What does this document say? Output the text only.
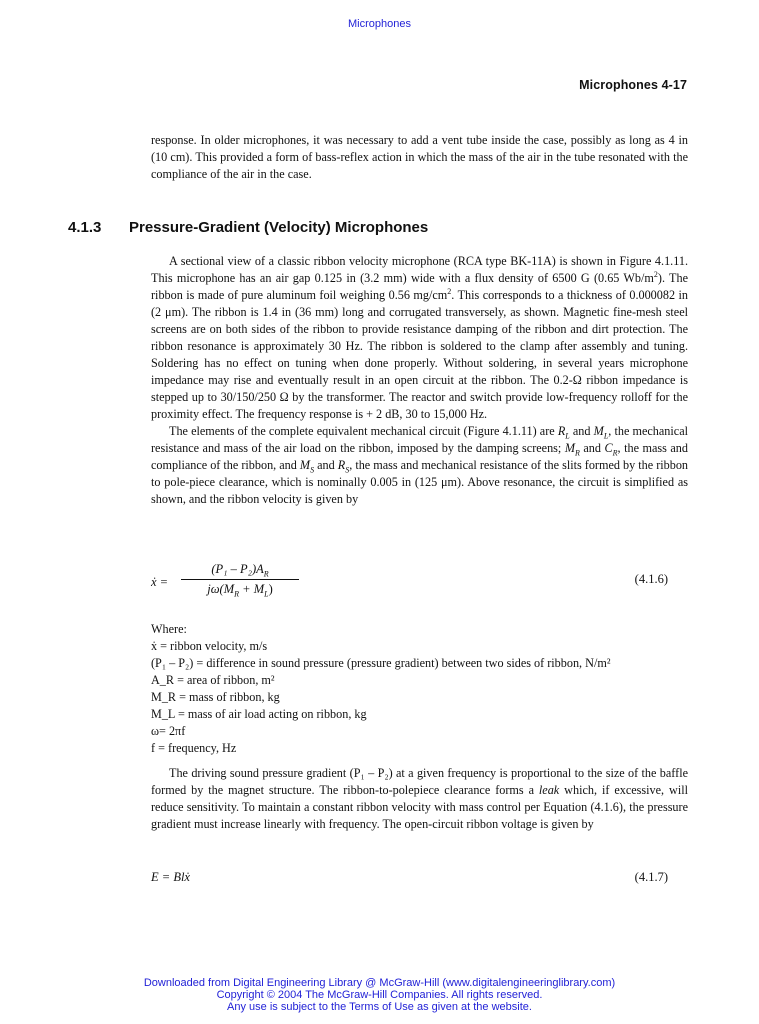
Microphones
Microphones 4-17
response. In older microphones, it was necessary to add a vent tube inside the case, possibly as long as 4 in (10 cm). This provided a form of bass-reflex action in which the mass of the air in the tube resonated with the compliance of the air in the case.
4.1.3 Pressure-Gradient (Velocity) Microphones

A sectional view of a classic ribbon velocity microphone (RCA type BK-11A) is shown in Figure 4.1.11. This microphone has an air gap 0.125 in (3.2 mm) wide with a flux density of 6500 G (0.65 $Wb/m^2$). The ribbon is made of pure aluminum foil weighing 0.56 $mg/cm^2$. This corresponds to a thickness of 0.000082 in (2 μm). The ribbon is 1.4 in (36 mm) long and corrugated transversely, as shown. Magnetic fine-mesh steel screens are on both sides of the ribbon to provide resistance damping of the ribbon and dirt protection. The ribbon resonance is approximately 30 Hz. The ribbon is soldered to the clamp after assembly and tuning. Soldering has no effect on tuning when done properly. Without soldering, in several years microphone impedance may rise and eventually result in an open circuit at the ribbon. The 0.2-Ω ribbon impedance is stepped up to 30/150/250 Ω by the transformer. The reactor and switch provide low-frequency rolloff for the proximity effect. The frequency response is + 2 dB, 30 to 15,000 Hz.

The elements of the complete equivalent mechanical circuit (Figure 4.1.11) are $R_L$ and $M_L$, the mechanical resistance and mass of the air load on the ribbon, imposed by the damping screens; $M_R$ and $C_R$, the mass and compliance of the ribbon, and $M_S$ and $R_S$, the mass and mechanical resistance of the slits formed by the ribbon to pole-piece clearance, which is nominally 0.005 in (125 μm). Above resonance, the circuit is simplified as shown, and the ribbon velocity is given by

ẋ = $\frac{(P_1 - P_2)A_R}{j\omega(M_R + M_L)}$	(4.1.6)
Where:
ẋ = ribbon velocity, m/s
(P₁ – P₂) = difference in sound pressure (pressure gradient) between two sides of ribbon, N/m²
A_R = area of ribbon, m²
M_R = mass of ribbon, kg
M_L = mass of air load acting on ribbon, kg
ω= 2πf
f = frequency, Hz

The driving sound pressure gradient (P₁ – P₂) at a given frequency is proportional to the size of the baffle formed by the magnet structure. The ribbon-to-polepiece clearance forms a leak which, if excessive, will reduce sensitivity. To maintain a constant ribbon velocity with mass control per Equation (4.1.6), the pressure gradient must increase linearly with frequency. The open-circuit ribbon voltage is given by

E = Blẋ	(4.1.7)
Downloaded from Digital Engineering Library @ McGraw-Hill (www.digitalengineeringlibrary.com)
Copyright © 2004 The McGraw-Hill Companies. All rights reserved.
Any use is subject to the Terms of Use as given at the website.
